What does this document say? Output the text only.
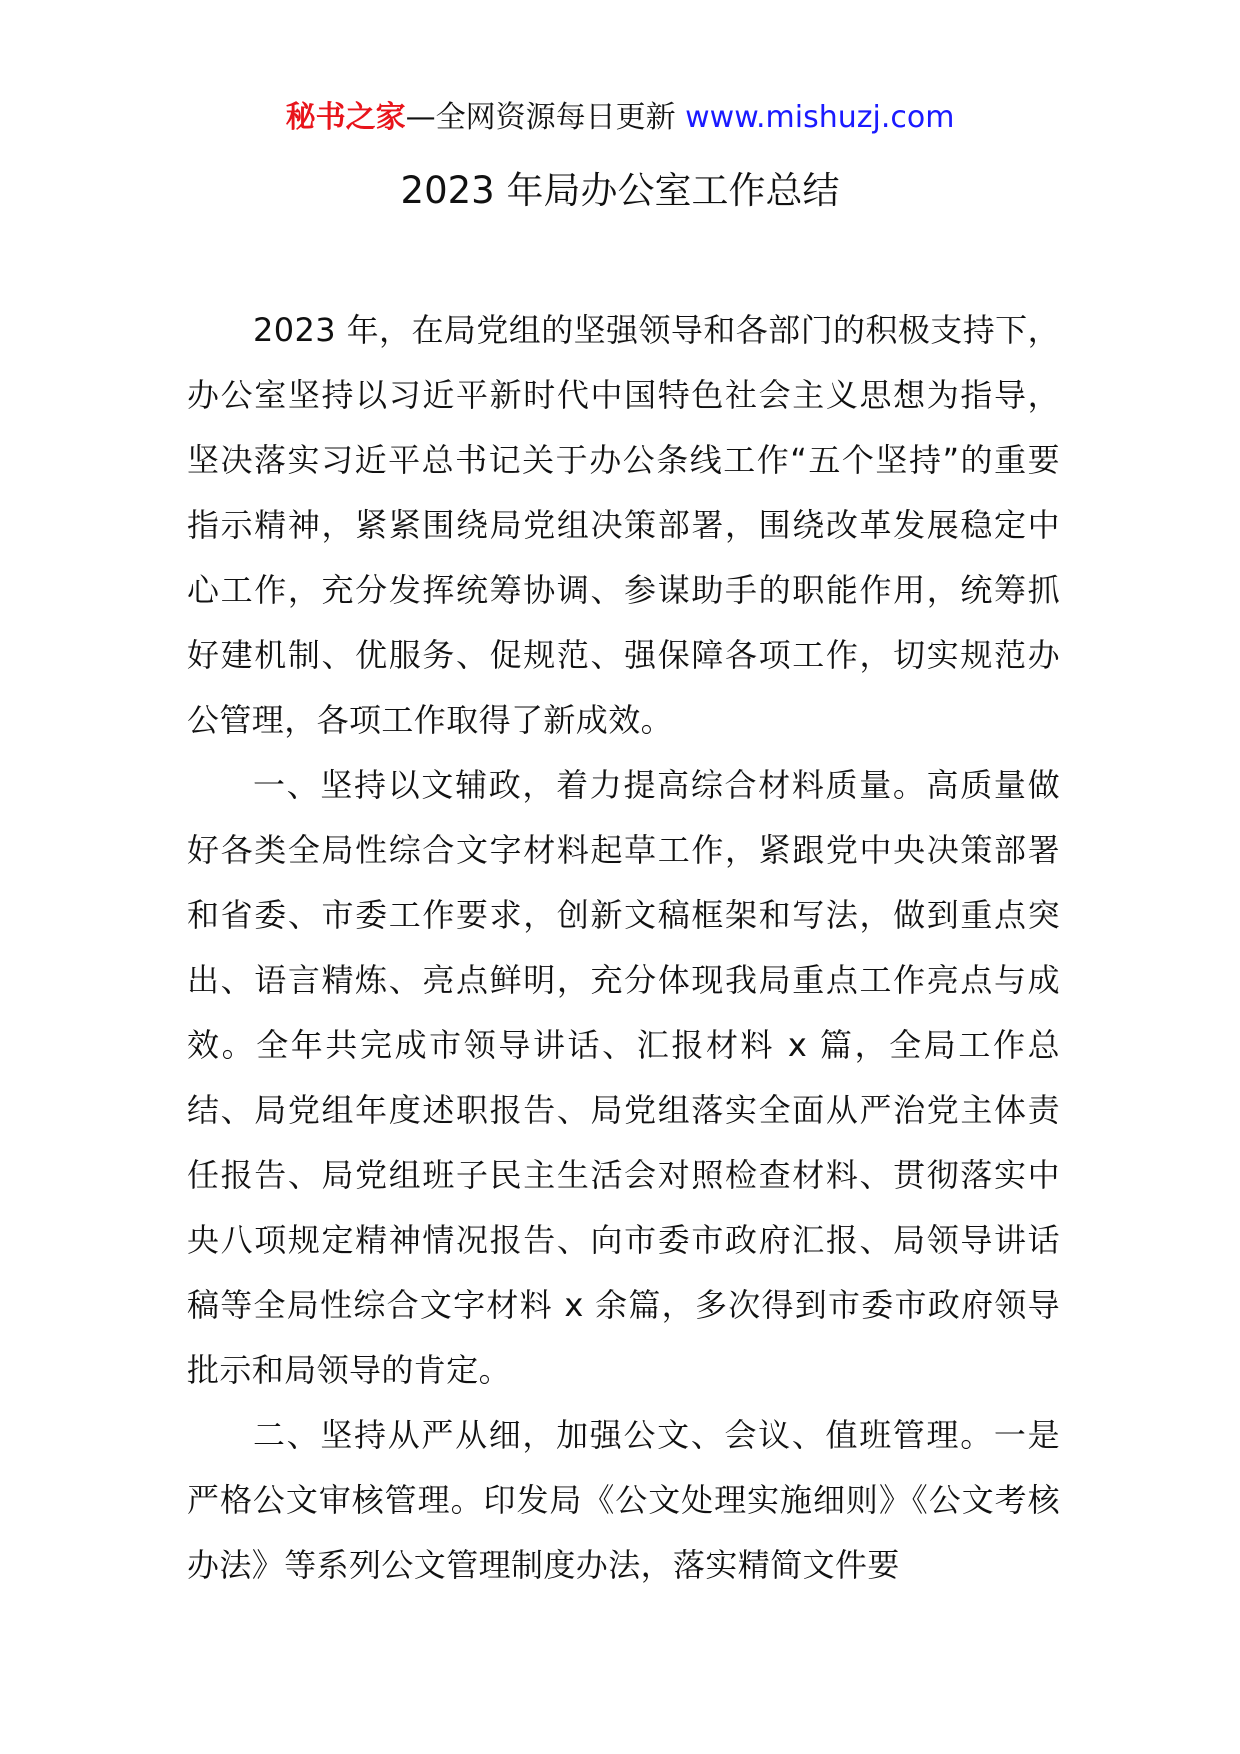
秘书之家—全网资源每日更新 www.mishuzj.com
2023 年局办公室工作总结

2023 年，在局党组的坚强领导和各部门的积极支持下，办公室坚持以习近平新时代中国特色社会主义思想为指导，坚决落实习近平总书记关于办公条线工作“五个坚持”的重要指示精神，紧紧围绕局党组决策部署，围绕改革发展稳定中心工作，充分发挥统筹协调、参谋助手的职能作用，统筹抓好建机制、优服务、促规范、强保障各项工作，切实规范办公管理，各项工作取得了新成效。

一、坚持以文辅政，着力提高综合材料质量。高质量做好各类全局性综合文字材料起草工作，紧跟党中央决策部署和省委、市委工作要求，创新文稿框架和写法，做到重点突出、语言精炼、亮点鲜明，充分体现我局重点工作亮点与成效。全年共完成市领导讲话、汇报材料 x 篇，全局工作总结、局党组年度述职报告、局党组落实全面从严治党主体责任报告、局党组班子民主生活会对照检查材料、贯彻落实中央八项规定精神情况报告、向市委市政府汇报、局领导讲话稿等全局性综合文字材料 x 余篇，多次得到市委市政府领导批示和局领导的肯定。

二、坚持从严从细，加强公文、会议、值班管理。一是严格公文审核管理。印发局《公文处理实施细则》《公文考核办法》等系列公文管理制度办法，落实精简文件要
